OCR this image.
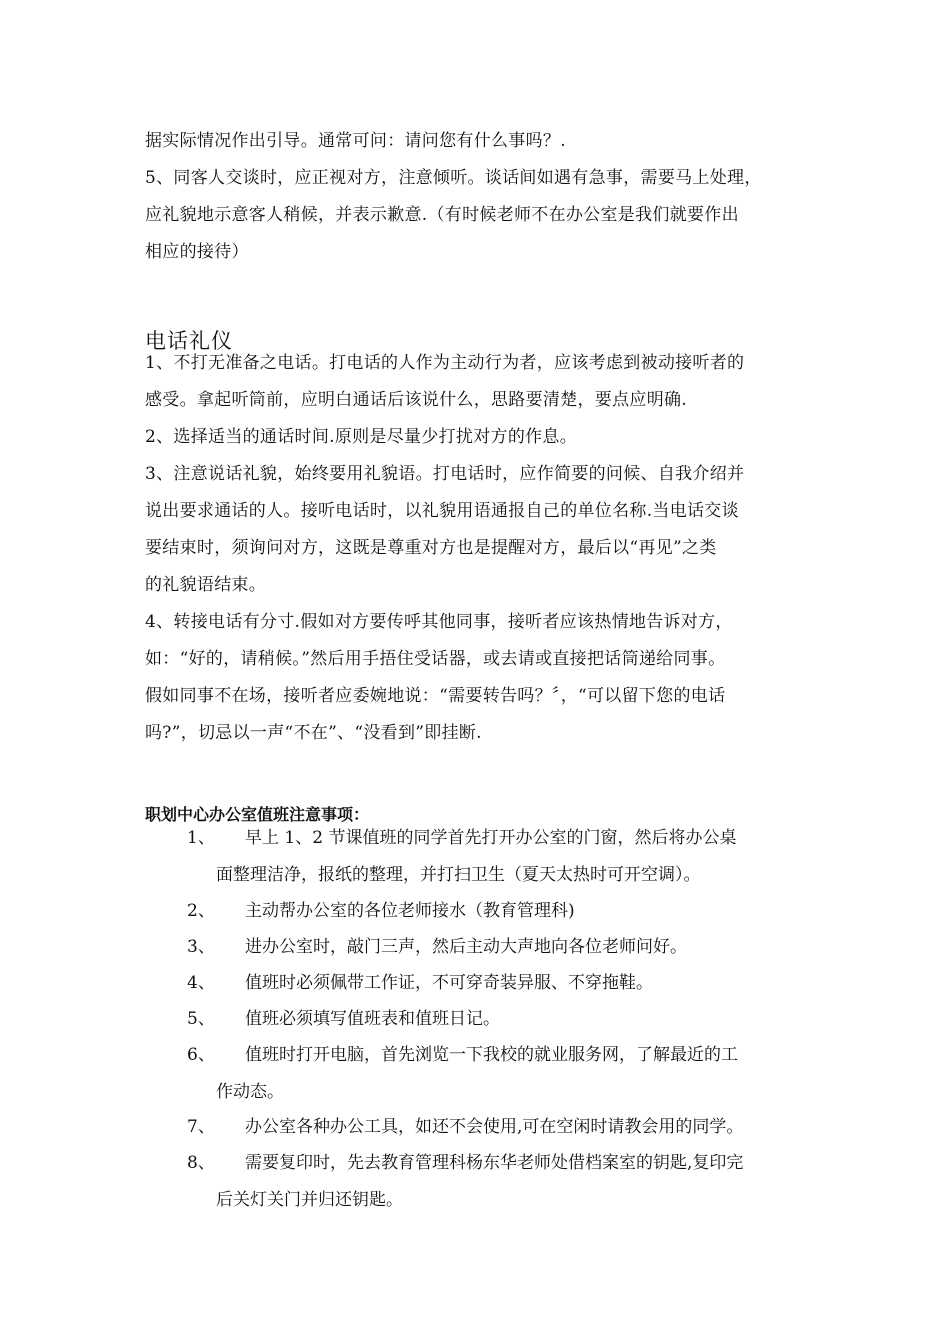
据实际情况作出引导。通常可问：请问您有什么事吗？.
5、同客人交谈时，应正视对方，注意倾听。谈话间如遇有急事，需要马上处理，
应礼貌地示意客人稍候，并表示歉意.（有时候老师不在办公室是我们就要作出
相应的接待）
电话礼仪
1、不打无准备之电话。打电话的人作为主动行为者，应该考虑到被动接听者的
感受。拿起听筒前，应明白通话后该说什么，思路要清楚，要点应明确.
2、选择适当的通话时间.原则是尽量少打扰对方的作息。
3、注意说话礼貌，始终要用礼貌语。打电话时，应作简要的问候、自我介绍并
说出要求通话的人。接听电话时，以礼貌用语通报自己的单位名称.当电话交谈
要结束时，须询问对方，这既是尊重对方也是提醒对方，最后以“再见”之类
的礼貌语结束。
4、转接电话有分寸.假如对方要传呼其他同事，接听者应该热情地告诉对方，
如：“好的，请稍候。”然后用手捂住受话器，或去请或直接把话筒递给同事。
假如同事不在场，接听者应委婉地说：“需要转告吗？〞，“可以留下您的电话
吗?”，切忌以一声“不在”、“没看到”即挂断.
职划中心办公室值班注意事项：
1、 早上 1、2 节课值班的同学首先打开办公室的门窗，然后将办公桌
面整理洁净，报纸的整理，并打扫卫生（夏天太热时可开空调）。
2、 主动帮办公室的各位老师接水（教育管理科)
3、 进办公室时，敲门三声，然后主动大声地向各位老师问好。
4、 值班时必须佩带工作证，不可穿奇装异服、不穿拖鞋。
5、 值班必须填写值班表和值班日记。
6、 值班时打开电脑，首先浏览一下我校的就业服务网，了解最近的工
作动态。
7、 办公室各种办公工具，如还不会使用,可在空闲时请教会用的同学。
8、 需要复印时，先去教育管理科杨东华老师处借档案室的钥匙,复印完
后关灯关门并归还钥匙。
